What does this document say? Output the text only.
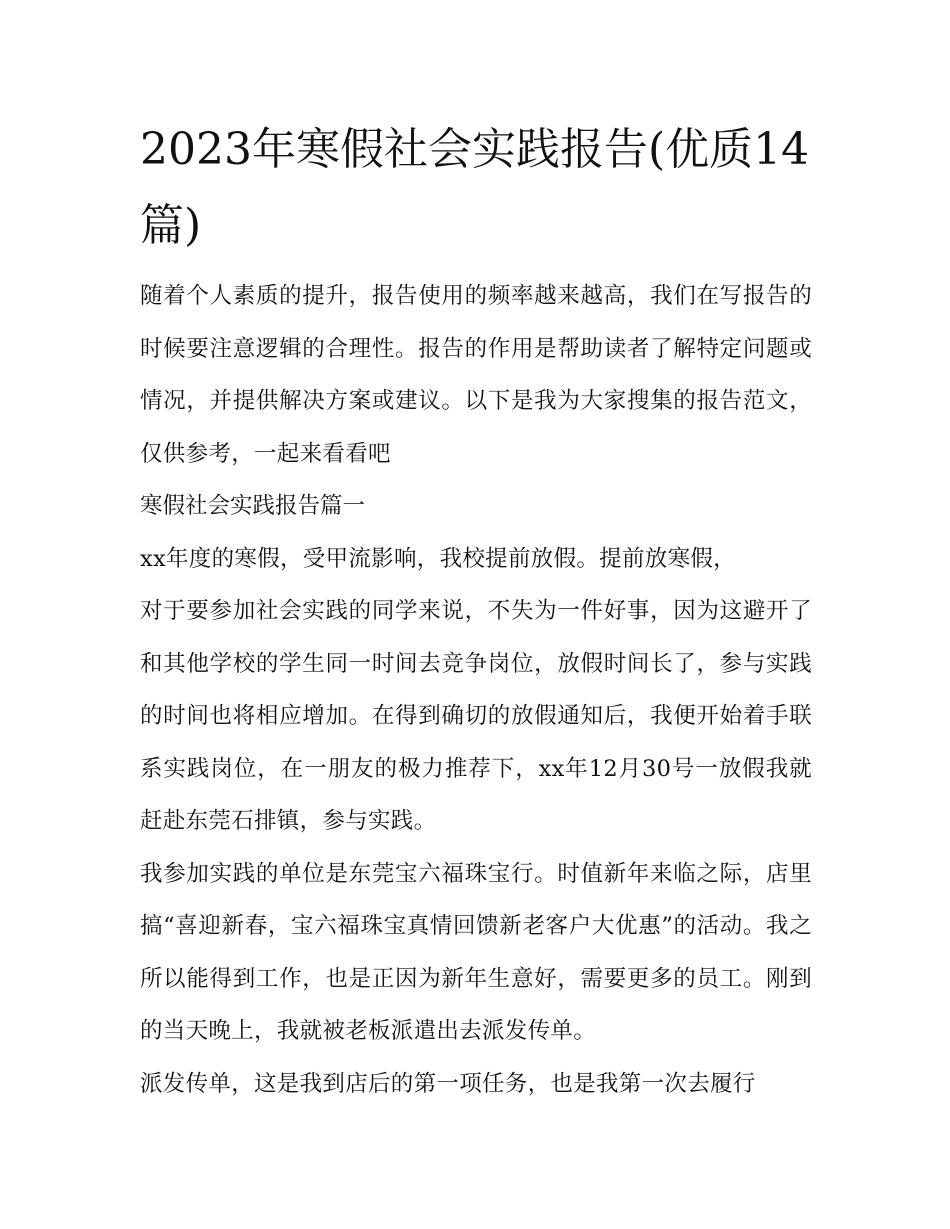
2023年寒假社会实践报告(优质14篇)

随着个人素质的提升，报告使用的频率越来越高，我们在写报告的时候要注意逻辑的合理性。报告的作用是帮助读者了解特定问题或情况，并提供解决方案或建议。以下是我为大家搜集的报告范文，仅供参考，一起来看看吧

寒假社会实践报告篇一

xx年度的寒假，受甲流影响，我校提前放假。提前放寒假，

对于要参加社会实践的同学来说，不失为一件好事，因为这避开了和其他学校的学生同一时间去竞争岗位，放假时间长了，参与实践的时间也将相应增加。在得到确切的放假通知后，我便开始着手联系实践岗位，在一朋友的极力推荐下，xx年12月30号一放假我就赶赴东莞石排镇，参与实践。

我参加实践的单位是东莞宝六福珠宝行。时值新年来临之际，店里搞“喜迎新春，宝六福珠宝真情回馈新老客户大优惠”的活动。我之所以能得到工作，也是正因为新年生意好，需要更多的员工。刚到的当天晚上，我就被老板派遣出去派发传单。

派发传单，这是我到店后的第一项任务，也是我第一次去履行
